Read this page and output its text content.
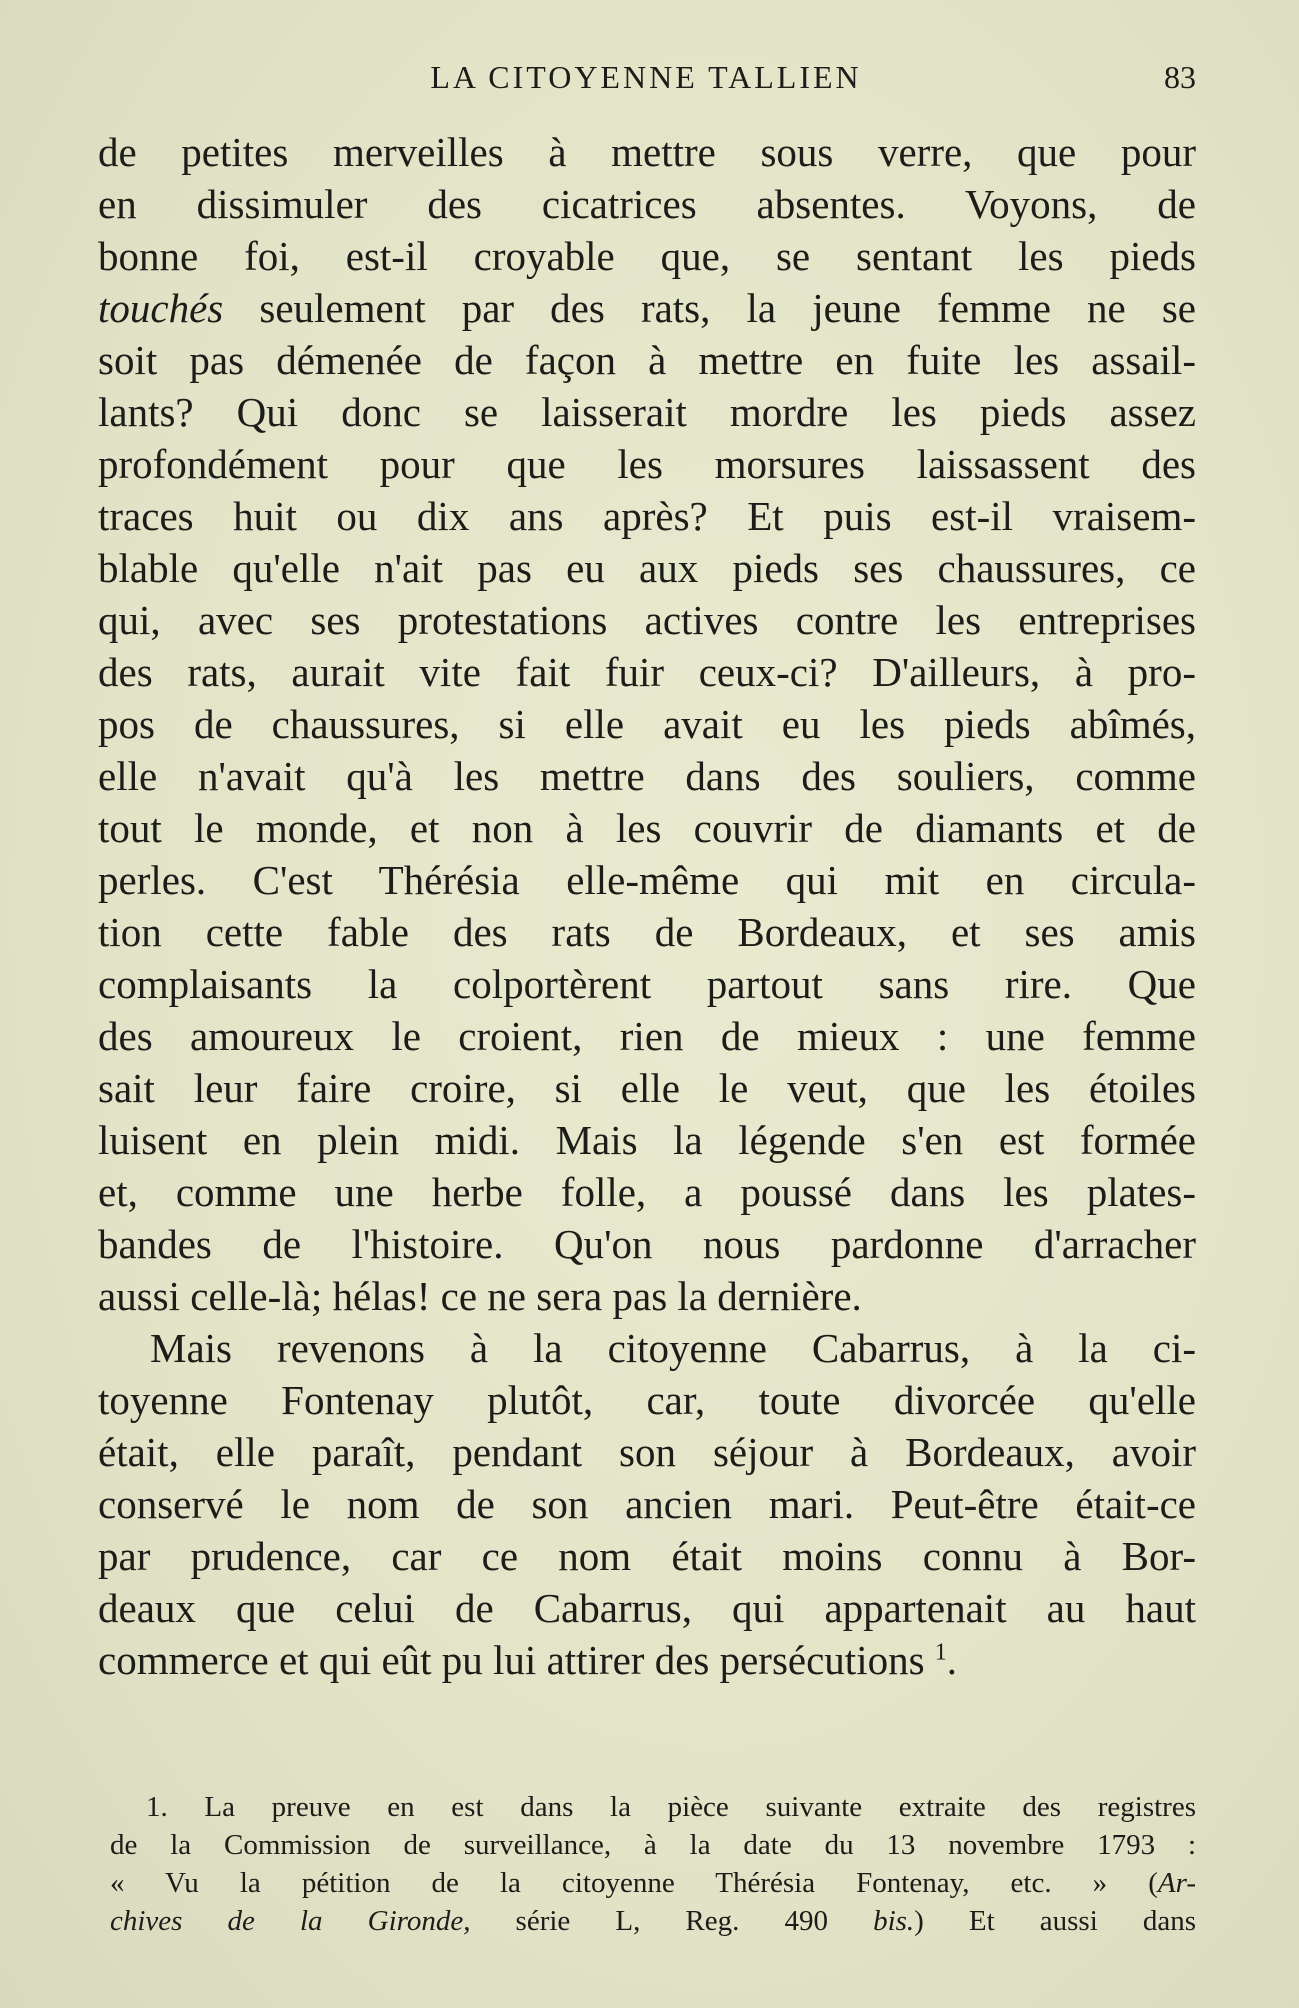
LA CITOYENNE TALLIEN	83
de petites merveilles à mettre sous verre, que pour
en dissimuler des cicatrices absentes. Voyons, de
bonne foi, est-il croyable que, se sentant les pieds
touchés seulement par des rats, la jeune femme ne se
soit pas démenée de façon à mettre en fuite les assail-
lants? Qui donc se laisserait mordre les pieds assez
profondément pour que les morsures laissassent des
traces huit ou dix ans après? Et puis est-il vraisem-
blable qu'elle n'ait pas eu aux pieds ses chaussures, ce
qui, avec ses protestations actives contre les entreprises
des rats, aurait vite fait fuir ceux-ci? D'ailleurs, à pro-
pos de chaussures, si elle avait eu les pieds abîmés,
elle n'avait qu'à les mettre dans des souliers, comme
tout le monde, et non à les couvrir de diamants et de
perles. C'est Thérésia elle-même qui mit en circula-
tion cette fable des rats de Bordeaux, et ses amis
complaisants la colportèrent partout sans rire. Que
des amoureux le croient, rien de mieux : une femme
sait leur faire croire, si elle le veut, que les étoiles
luisent en plein midi. Mais la légende s'en est formée
et, comme une herbe folle, a poussé dans les plates-
bandes de l'histoire. Qu'on nous pardonne d'arracher
aussi celle-là; hélas! ce ne sera pas la dernière.
Mais revenons à la citoyenne Cabarrus, à la ci-
toyenne Fontenay plutôt, car, toute divorcée qu'elle
était, elle paraît, pendant son séjour à Bordeaux, avoir
conservé le nom de son ancien mari. Peut-être était-ce
par prudence, car ce nom était moins connu à Bor-
deaux que celui de Cabarrus, qui appartenait au haut
commerce et qui eût pu lui attirer des persécutions $^1$.
1. La preuve en est dans la pièce suivante extraite des registres
de la Commission de surveillance, à la date du 13 novembre 1793 :
« Vu la pétition de la citoyenne Thérésia Fontenay, etc. » (Ar-
chives de la Gironde, série L, Reg. 490 bis.) Et aussi dans
